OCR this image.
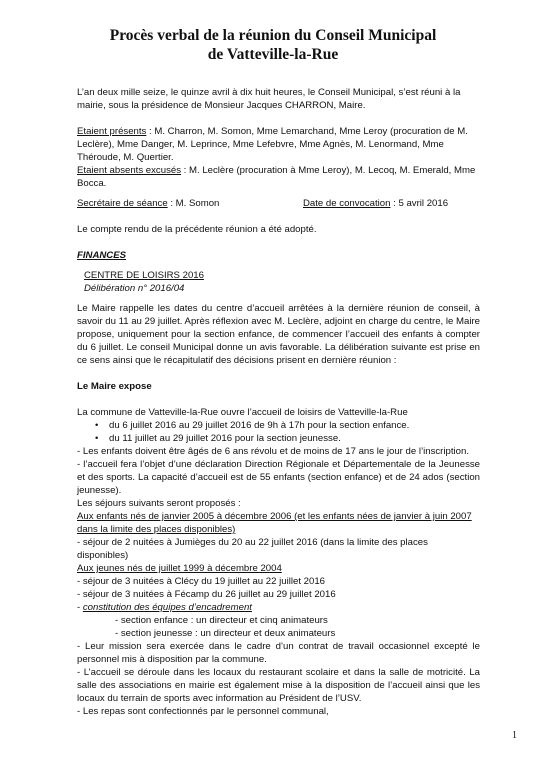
Procès verbal de la réunion du Conseil Municipal
de Vatteville-la-Rue

L’an deux mille seize, le quinze avril à dix huit heures, le Conseil Municipal, s’est réuni à la mairie, sous la présidence de Monsieur Jacques CHARRON, Maire.

Etaient présents : M. Charron, M. Somon, Mme Lemarchand, Mme Leroy (procuration de M. Leclère), Mme Danger, M. Leprince, Mme Lefebvre, Mme Agnès, M. Lenormand, Mme Théroude, M. Quertier.

Etaient absents excusés : M. Leclère (procuration à Mme Leroy), M. Lecoq, M. Emerald, Mme Bocca.

Secrétaire de séance : M. Somon	Date de convocation : 5 avril 2016

Le compte rendu de la précédente réunion a été adopté.

FINANCES

CENTRE DE LOISIRS 2016

Délibération n° 2016/04

Le Maire rappelle les dates du centre d’accueil arrêtées à la dernière réunion de conseil, à savoir du 11 au 29 juillet. Après réflexion avec M. Leclère, adjoint en charge du centre, le Maire propose, uniquement pour la section enfance, de commencer l’accueil des enfants à compter du 6 juillet. Le conseil Municipal donne un avis favorable. La délibération suivante est prise en ce sens ainsi que le récapitulatif des décisions prisent en dernière réunion :

Le Maire expose

La commune de Vatteville-la-Rue ouvre l’accueil de loisirs de Vatteville-la-Rue

• du 6 juillet 2016 au 29 juillet 2016 de 9h à 17h pour la section enfance.
• du 11 juillet au 29 juillet 2016 pour la section jeunesse.

- Les enfants doivent être âgés de 6 ans révolu et de moins de 17 ans le jour de l’inscription.

- l’accueil fera l’objet d’une déclaration Direction Régionale et Départementale de la Jeunesse et des sports. La capacité d’accueil est de 55 enfants (section enfance) et de 24 ados (section jeunesse).

Les séjours suivants seront proposés :

Aux enfants nés de janvier 2005 à décembre 2006 (et les enfants nées de janvier à juin 2007 dans la limite des places disponibles)

- séjour de 2 nuitées à Jumièges du 20 au 22 juillet 2016 (dans la limite des places disponibles)

Aux jeunes nés de juillet 1999 à décembre 2004

- séjour de 3 nuitées à Clécy du 19 juillet au 22 juillet 2016

- séjour de 3 nuitées à Fécamp du 26 juillet au 29 juillet 2016

- constitution des équipes d’encadrement

- section enfance : un directeur et cinq animateurs

- section jeunesse : un directeur et deux animateurs

- Leur mission sera exercée dans le cadre d’un contrat de travail occasionnel excepté le personnel mis à disposition par la commune.

- L’accueil se déroule dans les locaux du restaurant scolaire et dans la salle de motricité. La salle des associations en mairie est également mise à la disposition de l’accueil ainsi que les locaux du terrain de sports avec information au Président de l’USV.

- Les repas sont confectionnés par le personnel communal,

1
